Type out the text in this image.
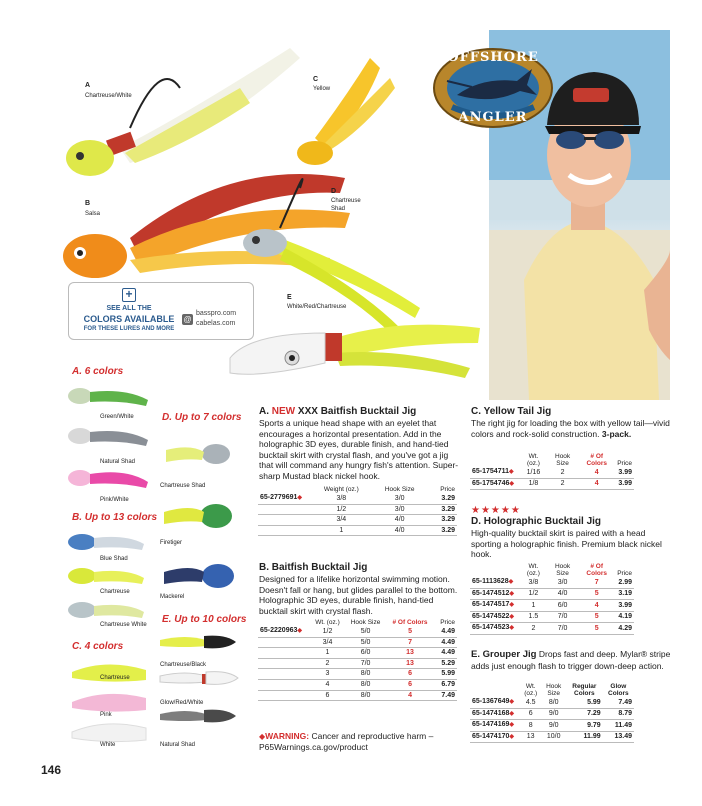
OFFSHORE
ANGLER
A
Chartreuse/White
C
Yellow
B
Salsa
D
Chartreuse
Shad
E
White/Red/Chartreuse
+
SEE ALL THE
COLORS AVAILABLE
FOR THESE LURES AND MORE
@
basspro.com
cabelas.com
A. 6 colors
Green/White
Natural Shad
Pink/White
B. Up to 13 colors
Blue Shad
Chartreuse
Chartreuse White
C. 4 colors
Chartreuse
Pink
White
D. Up to 7 colors
Chartreuse Shad
Firetiger
Mackerel
E. Up to 10 colors
Chartreuse/Black
Glow/Red/White
Natural Shad
A. NEW XXX Baitfish Bucktail Jig
Sports a unique head shape with an eyelet that encourages a horizontal presentation. Add in the holographic 3D eyes, durable finish, and hand-tied bucktail skirt with crystal flash, and you've got a jig that will command any hungry fish's attention. Super-sharp Mustad black nickel hook.
	Weight (oz.)	Hook Size	Price
65-2779691◆	3/8	3/0	3.29
	1/2	3/0	3.29
	3/4	4/0	3.29
	1	4/0	3.29
B. Baitfish Bucktail Jig
Designed for a lifelike horizontal swimming motion. Doesn't fall or hang, but glides parallel to the bottom. Holographic 3D eyes, durable finish, hand-tied bucktail skirt with crystal flash.
	Wt. (oz.)	Hook Size	# Of Colors	Price
65-2220963◆	1/2	5/0	5	4.49
	3/4	5/0	7	4.49
	1	6/0	13	4.49
	2	7/0	13	5.29
	3	8/0	6	5.99
	4	8/0	6	6.79
	6	8/0	4	7.49
◆WARNING: Cancer and reproductive harm – P65Warnings.ca.gov/product
C. Yellow Tail Jig
The right jig for loading the box with yellow tail—vivid colors and rock-solid construction. 3-pack.
	Wt. (oz.)	Hook Size	# Of Colors	Price
65-1754711◆	1/16	2	4	3.99
65-1754746◆	1/8	2	4	3.99
★★★★★
D. Holographic Bucktail Jig
High-quality bucktail skirt is paired with a head sporting a holographic finish. Premium black nickel hook.
	Wt. (oz.)	Hook Size	# Of Colors	Price
65-1113628◆	3/8	3/0	7	2.99
65-1474512◆	1/2	4/0	5	3.19
65-1474517◆	1	6/0	4	3.99
65-1474522◆	1.5	7/0	5	4.19
65-1474523◆	2	7/0	5	4.29
E. Grouper Jig Drops fast and deep. Mylar® stripe adds just enough flash to trigger down-deep action.
	Wt. (oz.)	Hook Size	Regular Colors	Glow Colors
65-1367649◆	4.5	8/0	5.99	7.49
65-1474168◆	6	9/0	7.29	8.79
65-1474169◆	8	9/0	9.79	11.49
65-1474170◆	13	10/0	11.99	13.49
146
